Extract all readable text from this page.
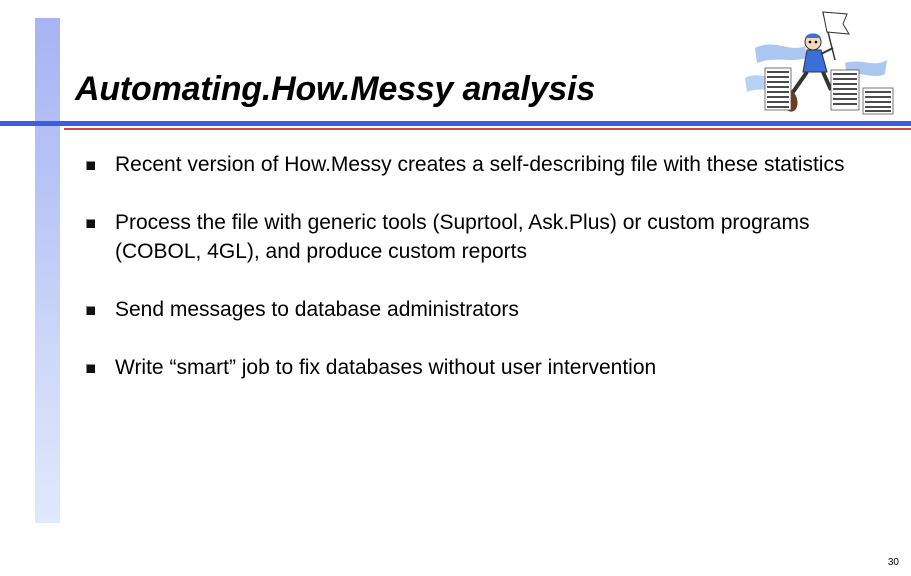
Automating.How.Messy analysis
Recent version of How.Messy creates a self-describing file with these statistics
Process the file with generic tools (Suprtool, Ask.Plus) or custom programs (COBOL, 4GL), and produce custom reports
Send messages to database administrators
Write “smart” job to fix databases without user intervention
30
